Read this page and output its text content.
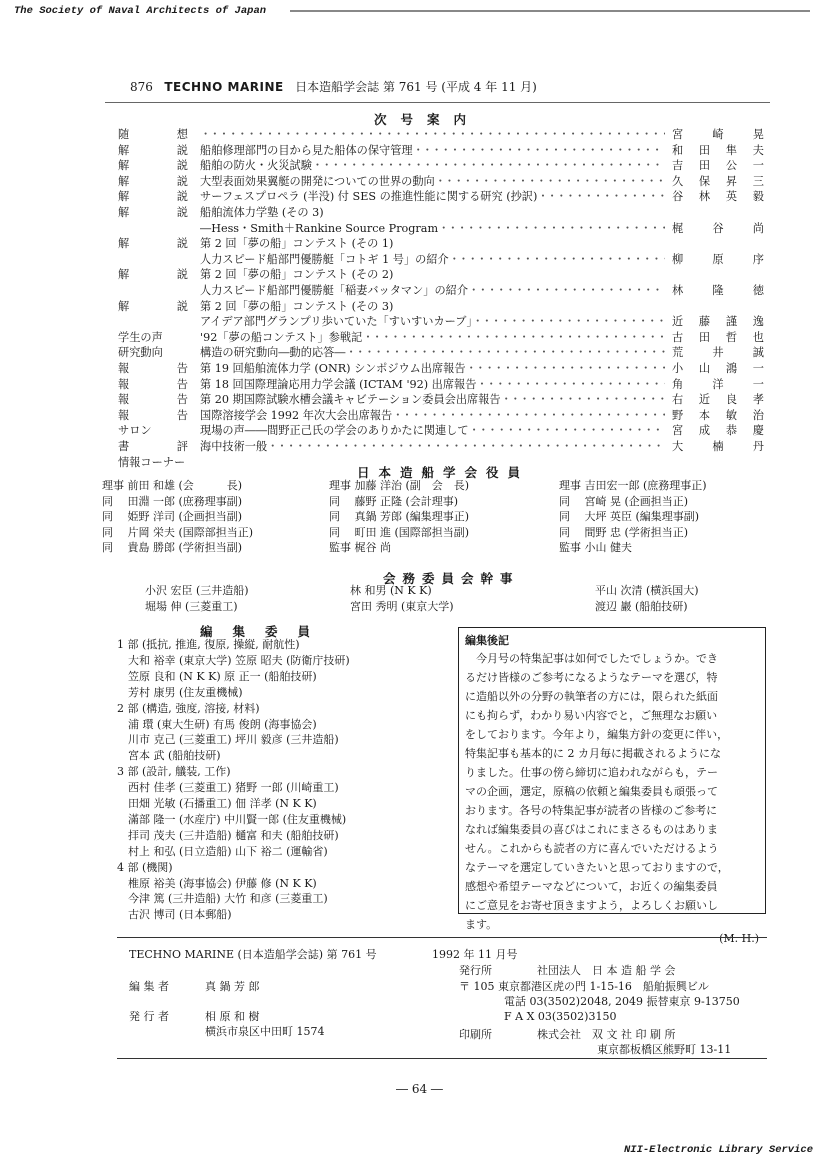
The Society of Naval Architects of Japan
876 TECHNO MARINE 日本造船学会誌 第 761 号 (平成 4 年 11 月)
次号案内
随	想
・・・・・・・・・・・・・・・・・・・・・・・・・・・・・・・・・・・・・・・・・・・・・・・・・・・・・・・・・・・・・・・・・	宮	崎	晃
解	説 船舶修理部門の目から見た船体の保守管理 ・・・・・・・・・・・・・・・・・・・・・・・・・・・・・・・・・・・・・・・・・・・・・・・・・・・・・・・・・・・・・・・・・	和 田 隼 夫
解	説 船舶の防火・火災試験 ・・・・・・・・・・・・・・・・・・・・・・・・・・・・・・・・・・・・・・・・・・・・・・・・・・・・・・・・・・・・・・・・・	吉 田 公 一
解	説 大型表面効果翼艇の開発についての世界の動向 ・・・・・・・・・・・・・・・・・・・・・・・・・・・・・・・・・・・・・・・・・・・・・・・・・・・・・・・・・・・・・・・・・	久 保 昇 三
解	説 サーフェスプロペラ (半没) 付 SES の推進性能に関する研究 (抄訳) ・・・・・・・・・・・・・・・・・・・・・・・・・・・・・・・・・・・・・・・・・・・・・・・・・・・・・・・・・・・・・・・・・	谷 林 英 毅
解	説 船舶流体力学塾 (その 3)
―Hess・Smith＋Rankine Source Program ・・・・・・・・・・・・・・・・・・・・・・・・・・・・・・・・・・・・・・・・・・・・・・・・・・・・・・・・・・・・・・・・・	梶	谷	尚
解	説 第 2 回「夢の船」コンテスト (その 1)
人力スピード船部門優勝艇「コトギ 1 号」の紹介 ・・・・・・・・・・・・・・・・・・・・・・・・・・・・・・・・・・・・・・・・・・・・・・・・・・・・・・・・・・・・・・・・・	柳	原	序
解	説 第 2 回「夢の船」コンテスト (その 2)
人力スピード船部門優勝艇「稲妻バッタマン」の紹介 ・・・・・・・・・・・・・・・・・・・・・・・・・・・・・・・・・・・・・・・・・・・・・・・・・・・・・・・・・・・・・・・・・	林	隆	徳
解	説 第 2 回「夢の船」コンテスト (その 3)
アイデア部門グランプリ歩いていた「すいすいカーブ」 ・・・・・・・・・・・・・・・・・・・・・・・・・・・・・・・・・・・・・・・・・・・・・・・・・・・・・・・・・・・・・・・・・	近 藤 謹 逸
学生の声	'92「夢の船コンテスト」参戦記 ・・・・・・・・・・・・・・・・・・・・・・・・・・・・・・・・・・・・・・・・・・・・・・・・・・・・・・・・・・・・・・・・・	古 田 哲 也
研究動向	構造の研究動向―動的応答― ・・・・・・・・・・・・・・・・・・・・・・・・・・・・・・・・・・・・・・・・・・・・・・・・・・・・・・・・・・・・・・・・・	荒	井	誠
報	告 第 19 回船舶流体力学 (ONR) シンポジウム出席報告 ・・・・・・・・・・・・・・・・・・・・・・・・・・・・・・・・・・・・・・・・・・・・・・・・・・・・・・・・・・・・・・・・・	小 山 鴻 一
報	告 第 18 回国際理論応用力学会議 (ICTAM '92) 出席報告 ・・・・・・・・・・・・・・・・・・・・・・・・・・・・・・・・・・・・・・・・・・・・・・・・・・・・・・・・・・・・・・・・・	角	洋	一
報	告 第 20 期国際試験水槽会議キャビテーション委員会出席報告 ・・・・・・・・・・・・・・・・・・・・・・・・・・・・・・・・・・・・・・・・・・・・・・・・・・・・・・・・・・・・・・・・・	右 近 良 孝
報	告 国際溶接学会 1992 年次大会出席報告 ・・・・・・・・・・・・・・・・・・・・・・・・・・・・・・・・・・・・・・・・・・・・・・・・・・・・・・・・・・・・・・・・・	野 本 敏 治
サロン	現場の声――間野正己氏の学会のありかたに関連して ・・・・・・・・・・・・・・・・・・・・・・・・・・・・・・・・・・・・・・・・・・・・・・・・・・・・・・・・・・・・・・・・・	宮 成 恭 慶
書	評 海中技術一般 ・・・・・・・・・・・・・・・・・・・・・・・・・・・・・・・・・・・・・・・・・・・・・・・・・・・・・・・・・・・・・・・・・	大	楠	丹
情報コーナー
日本造船学会役員
理事 前田 和雄 (会　　　長)	理事 加藤 洋治 (副　会　長)	理事 吉田宏一郎 (庶務理事正)
同　 田淵 一郎 (庶務理事副)	同　 藤野 正隆 (会計理事)	同　 宮崎 晃 (企画担当正)
同　 姫野 洋司 (企画担当副)	同　 真鍋 芳郎 (編集理事正)	同　 大坪 英臣 (編集理事副)
同　 片岡 栄夫 (国際部担当正)	同　 町田 進 (国際部担当副)	同　 間野 忠 (学術担当正)
同　 貴島 勝郎 (学術担当副)	監事 梶谷 尚	監事 小山 健夫
会務委員会幹事
小沢 宏臣 (三井造船)	林 和男 (N K K)	平山 次清 (横浜国大)
堀場 伸 (三菱重工)	宮田 秀明 (東京大学)	渡辺 巖 (船舶技研)
編集委員
1 部 (抵抗, 推進, 復原, 操縦, 耐航性)
　大和 裕幸 (東京大学) 笠原 昭夫 (防衛庁技研)
　笠原 良和 (N K K) 原 正一 (船舶技研)
　芳村 康男 (住友重機械)
2 部 (構造, 強度, 溶接, 材料)
　浦 環 (東大生研) 有馬 俊朗 (海事協会)
　川市 克己 (三菱重工) 坪川 毅彦 (三井造船)
　宮本 武 (船舶技研)
3 部 (設計, 艤装, 工作)
　西村 佳孝 (三菱重工) 猪野 一郎 (川崎重工)
　田畑 光敏 (石播重工) 佃 洋孝 (N K K)
　滿部 隆一 (水産庁) 中川賢一郎 (住友重機械)
　拝司 茂夫 (三井造船) 樋富 和夫 (船舶技研)
　村上 和弘 (日立造船) 山下 裕二 (運輸省)
4 部 (機関)
　椎原 裕美 (海事協会) 伊藤 修 (N K K)
　今津 篤 (三井造船) 大竹 和彦 (三菱重工)
　古沢 博司 (日本郵船)
編集後記
　今月号の特集記事は如何でしたでしょうか。でき
るだけ皆様のご参考になるようなテーマを選び，特
に造船以外の分野の執筆者の方には，限られた紙面
にも拘らず，わかり易い内容でと，ご無理なお願い
をしております。今年より，編集方針の変更に伴い，
特集記事も基本的に 2 カ月毎に掲載されるようにな
りました。仕事の傍ら締切に追われながらも，テー
マの企画，選定，原稿の依頼と編集委員も頑張って
おります。各号の特集記事が読者の皆様のご参考に
なれば編集委員の喜びはこれにまさるものはありま
せん。これからも読者の方に喜んでいただけるよう
なテーマを選定していきたいと思っておりますので，
感想や希望テーマなどについて，お近くの編集委員
にご意見をお寄せ頂きますよう，よろしくお願いし
ます。
(M. H.)
TECHNO MARINE (日本造船学会誌) 第 761 号	1992 年 11 月号
編 集 者	真 鍋 芳 郎
発 行 者	相 原 和 樹
横浜市泉区中田町 1574
発行所	社団法人　日 本 造 船 学 会
〒 105 東京都港区虎の門 1-15-16　船舶振興ビル
電話 03(3502)2048, 2049 振替東京 9-13750
F A X 03(3502)3150
印刷所	株式会社　双 文 社 印 刷 所
東京都板橋区熊野町 13-11
― 64 ―
NII-Electronic Library Service
